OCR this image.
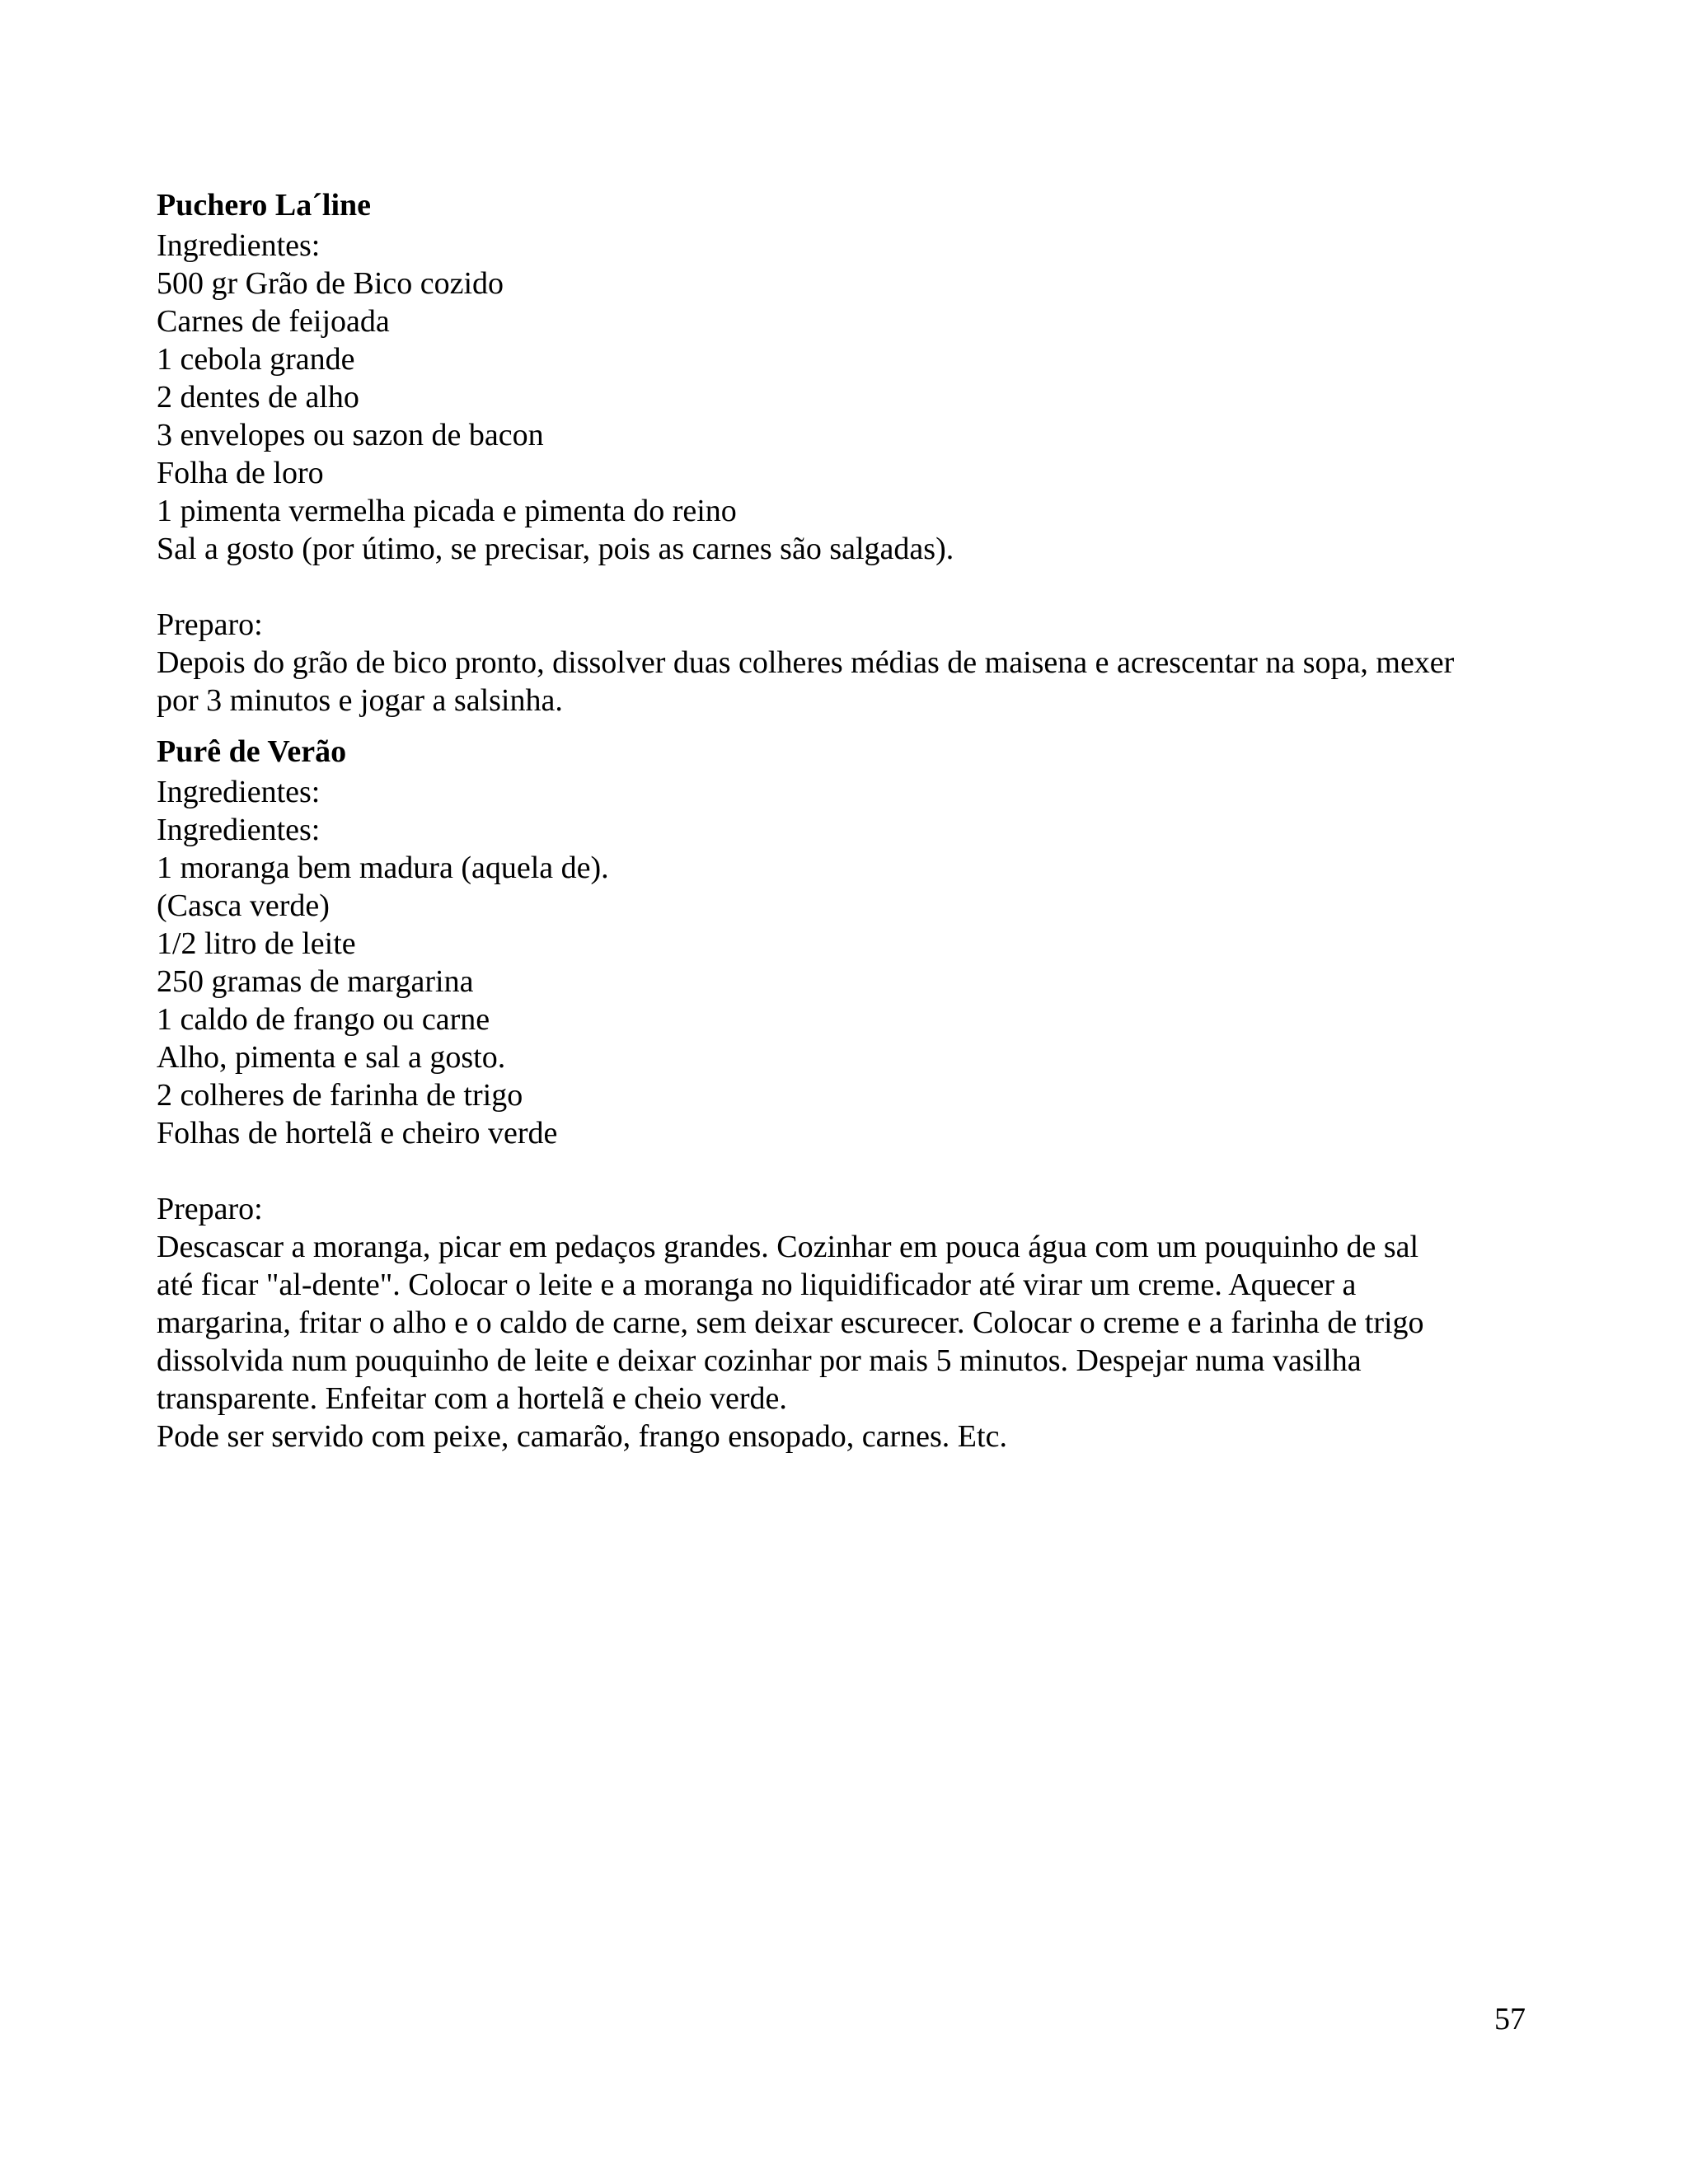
Puchero La´line
Ingredientes:
500 gr Grão de Bico cozido
Carnes de feijoada
1 cebola grande
2 dentes de alho
3 envelopes ou sazon de bacon
Folha de loro
1 pimenta vermelha picada e pimenta do reino
Sal a gosto (por útimo, se precisar, pois as carnes são salgadas).
Preparo:
Depois do grão de bico pronto, dissolver duas colheres médias de maisena e acrescentar na sopa, mexer
por 3 minutos e jogar a salsinha.
Purê de Verão
Ingredientes:
Ingredientes:
1 moranga bem madura (aquela de).
(Casca verde)
1/2 litro de leite
250 gramas de margarina
1 caldo de frango ou carne
Alho, pimenta e sal a gosto.
2 colheres de farinha de trigo
Folhas de hortelã e cheiro verde
Preparo:
Descascar a moranga, picar em pedaços grandes. Cozinhar em pouca água com um pouquinho de sal
até ficar "al-dente". Colocar o leite e a moranga no liquidificador até virar um creme. Aquecer a
margarina, fritar o alho e o caldo de carne, sem deixar escurecer. Colocar o creme e a farinha de trigo
dissolvida num pouquinho de leite e deixar cozinhar por mais 5 minutos. Despejar numa vasilha
transparente. Enfeitar com a hortelã e cheio verde.
Pode ser servido com peixe, camarão, frango ensopado, carnes. Etc.
57
